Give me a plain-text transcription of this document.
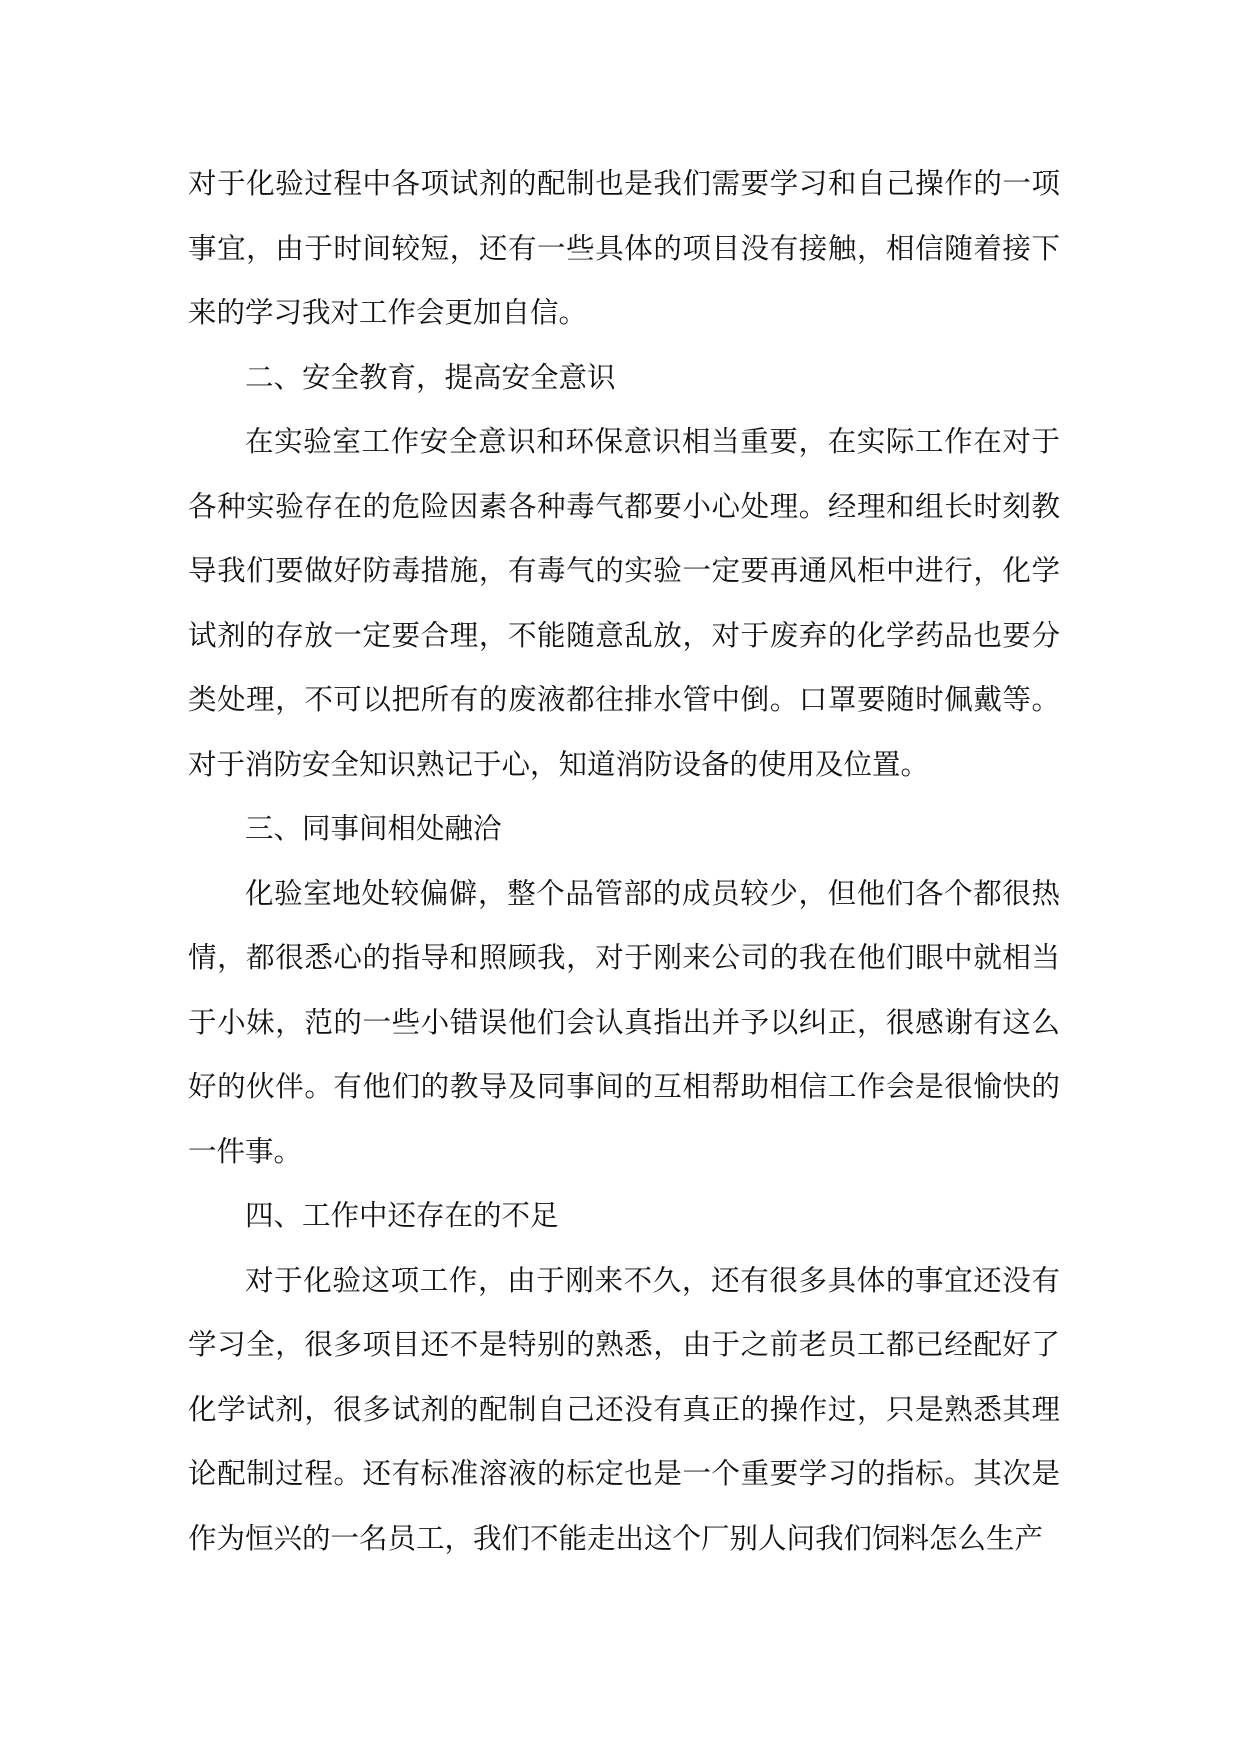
对于化验过程中各项试剂的配制也是我们需要学习和自己操作的一项事宜，由于时间较短，还有一些具体的项目没有接触，相信随着接下来的学习我对工作会更加自信。

二、安全教育，提高安全意识

在实验室工作安全意识和环保意识相当重要，在实际工作在对于各种实验存在的危险因素各种毒气都要小心处理。经理和组长时刻教导我们要做好防毒措施，有毒气的实验一定要再通风柜中进行，化学试剂的存放一定要合理，不能随意乱放，对于废弃的化学药品也要分类处理，不可以把所有的废液都往排水管中倒。口罩要随时佩戴等。对于消防安全知识熟记于心，知道消防设备的使用及位置。

三、同事间相处融洽

化验室地处较偏僻，整个品管部的成员较少，但他们各个都很热情，都很悉心的指导和照顾我，对于刚来公司的我在他们眼中就相当于小妹，范的一些小错误他们会认真指出并予以纠正，很感谢有这么好的伙伴。有他们的教导及同事间的互相帮助相信工作会是很愉快的一件事。

四、工作中还存在的不足

对于化验这项工作，由于刚来不久，还有很多具体的事宜还没有学习全，很多项目还不是特别的熟悉，由于之前老员工都已经配好了化学试剂，很多试剂的配制自己还没有真正的操作过，只是熟悉其理论配制过程。还有标准溶液的标定也是一个重要学习的指标。其次是作为恒兴的一名员工，我们不能走出这个厂别人问我们饲料怎么生产
